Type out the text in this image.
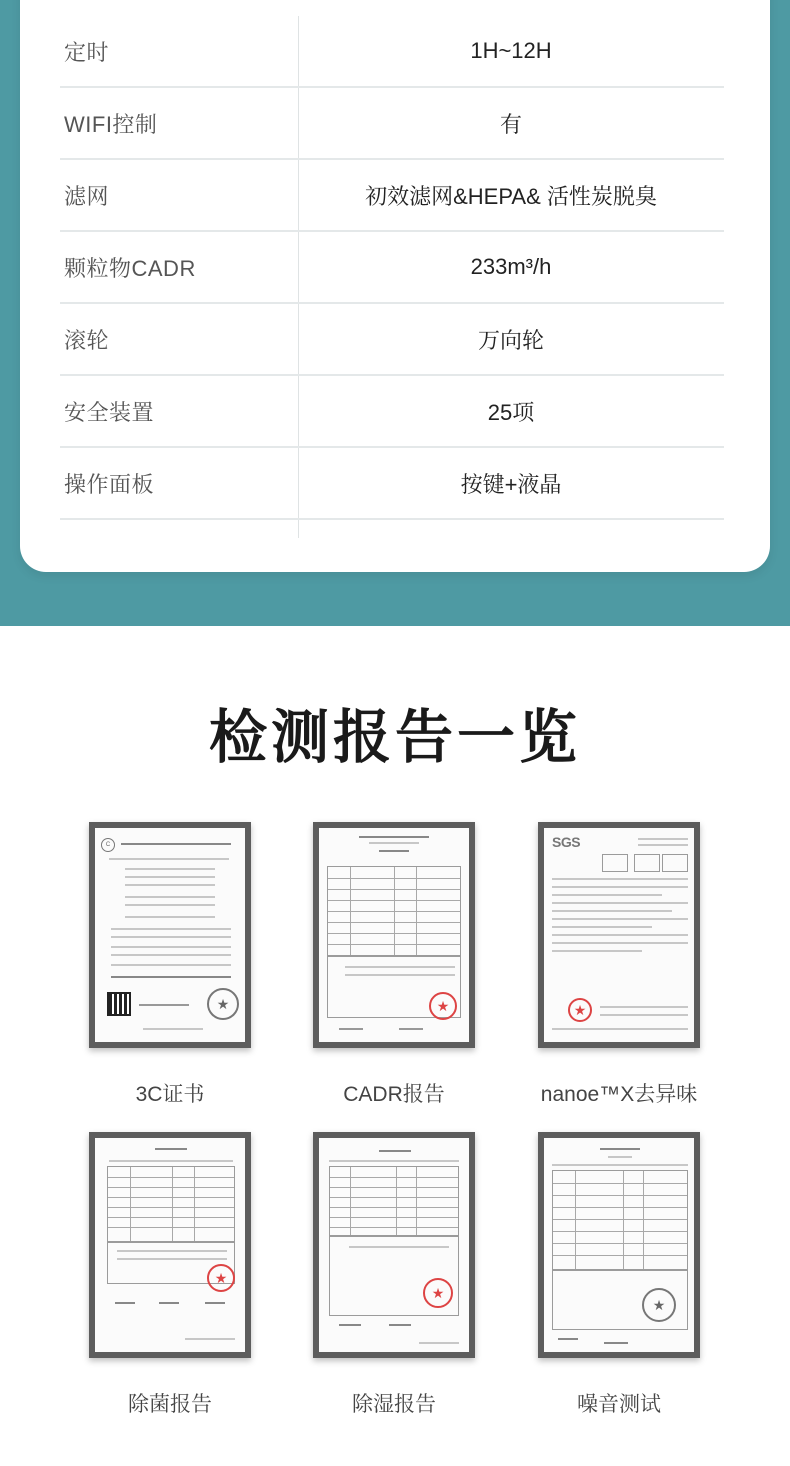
定时	1H~12H
WIFI控制	有
滤网	初效滤网&HEPA& 活性炭脱臭
颗粒物CADR	233m³/h
滚轮	万向轮
安全装置	25项
操作面板	按键+液晶
检测报告一览
C
★
3C证书
★
CADR报告
SGS
★
nanoe™X去异味
★
除菌报告
★
除湿报告
★
噪音测试
